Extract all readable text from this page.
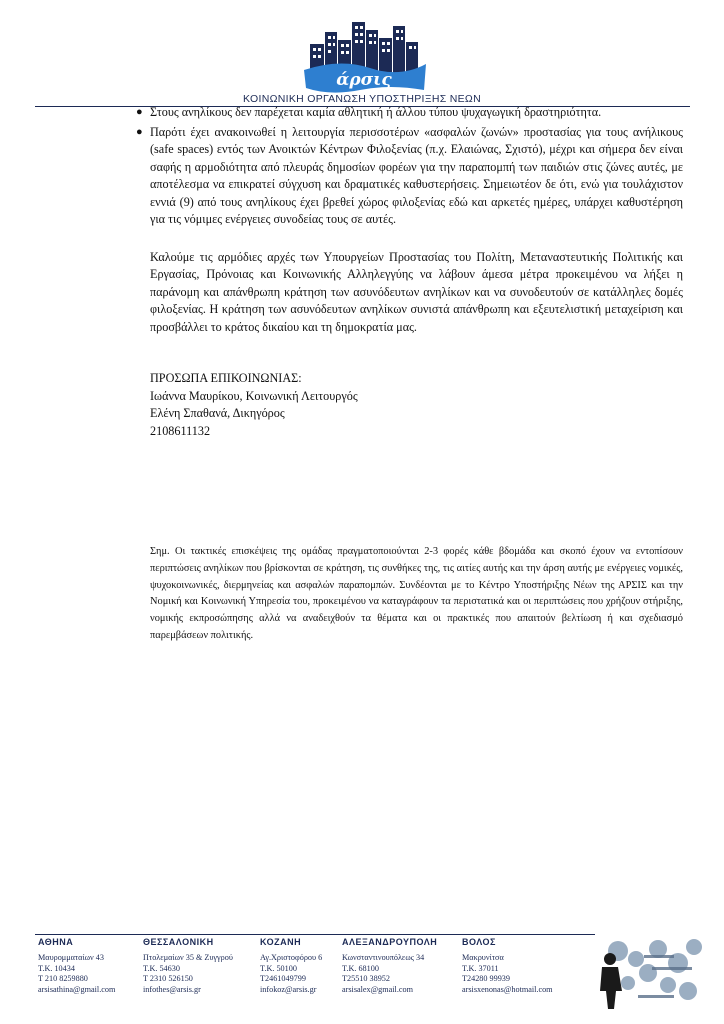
άρσις
ΚΟΙΝΩΝΙΚΗ ΟΡΓΑΝΩΣΗ ΥΠΟΣΤΗΡΙΞΗΣ ΝΕΩΝ
● Στους ανηλίκους δεν παρέχεται καμία αθλητική ή άλλου τύπου ψυχαγωγική δραστηριότητα.
● Παρότι έχει ανακοινωθεί η λειτουργία περισσοτέρων «ασφαλών ζωνών» προστασίας για τους ανήλικους (safe spaces) εντός των Ανοικτών Κέντρων Φιλοξενίας (π.χ. Ελαιώνας, Σχιστό), μέχρι και σήμερα δεν είναι σαφής η αρμοδιότητα από πλευράς δημοσίων φορέων για την παραπομπή των παιδιών στις ζώνες αυτές, με αποτέλεσμα να επικρατεί σύγχυση και δραματικές καθυστερήσεις. Σημειωτέον δε ότι, ενώ για τουλάχιστον εννιά (9) από τους ανηλίκους έχει βρεθεί χώρος φιλοξενίας εδώ και αρκετές ημέρες, υπάρχει καθυστέρηση για τις νόμιμες ενέργειες συνοδείας τους σε αυτές.
Καλούμε τις αρμόδιες αρχές των Υπουργείων Προστασίας του Πολίτη, Μεταναστευτικής Πολιτικής και Εργασίας, Πρόνοιας και Κοινωνικής Αλληλεγγύης να λάβουν άμεσα μέτρα προκειμένου να λήξει η παράνομη και απάνθρωπη κράτηση των ασυνόδευτων ανηλίκων και να συνοδευτούν σε κατάλληλες δομές φιλοξενίας. Η κράτηση των ασυνόδευτων ανηλίκων συνιστά απάνθρωπη και εξευτελιστική μεταχείριση και προσβάλλει το κράτος δικαίου και τη δημοκρατία μας.
ΠΡΟΣΩΠΑ ΕΠΙΚΟΙΝΩΝΙΑΣ:
Ιωάννα Μαυρίκου, Κοινωνική Λειτουργός
Ελένη Σπαθανά, Δικηγόρος
2108611132
Σημ. Οι τακτικές επισκέψεις της ομάδας πραγματοποιούνται 2-3 φορές κάθε βδομάδα και σκοπό έχουν να εντοπίσουν περιπτώσεις ανηλίκων που βρίσκονται σε κράτηση, τις συνθήκες της, τις αιτίες αυτής και την άρση αυτής με ενέργειες νομικές, ψυχοκοινωνικές, διερμηνείας και ασφαλών παραπομπών. Συνδέονται με το Κέντρο Υποστήριξης Νέων της ΑΡΣΙΣ και την Νομική και Κοινωνική Υπηρεσία του, προκειμένου να καταγράφουν τα περιστατικά και οι περιπτώσεις που χρήζουν στήριξης, νομικής εκπροσώπησης αλλά να αναδειχθούν τα θέματα και οι πρακτικές που απαιτούν βελτίωση ή και σχεδιασμό παρεμβάσεων πολιτικής.
ΑΘΗΝΑ
Μαυρομματαίων 43
Τ.Κ. 10434
Τ 210 8259880
arsisathina@gmail.com
ΘΕΣΣΑΛΟΝΙΚΗ
Πτολεμαίων 35 & Ζυγγρού
Τ.Κ. 54630
Τ 2310 526150
infothes@arsis.gr
ΚΟΖΑΝΗ
Αγ.Χριστοφόρου 6
Τ.Κ. 50100
Τ2461049799
infokoz@arsis.gr
ΑΛΕΞΑΝΔΡΟΥΠΟΛΗ
Κωνσταντινουπόλεως 34
Τ.Κ. 68100
Τ25510 38952
arsisalex@gmail.com
ΒΟΛΟΣ
Μακρυνίτσα
Τ.Κ. 37011
Τ24280 99939
arsisxenonas@hotmail.com
